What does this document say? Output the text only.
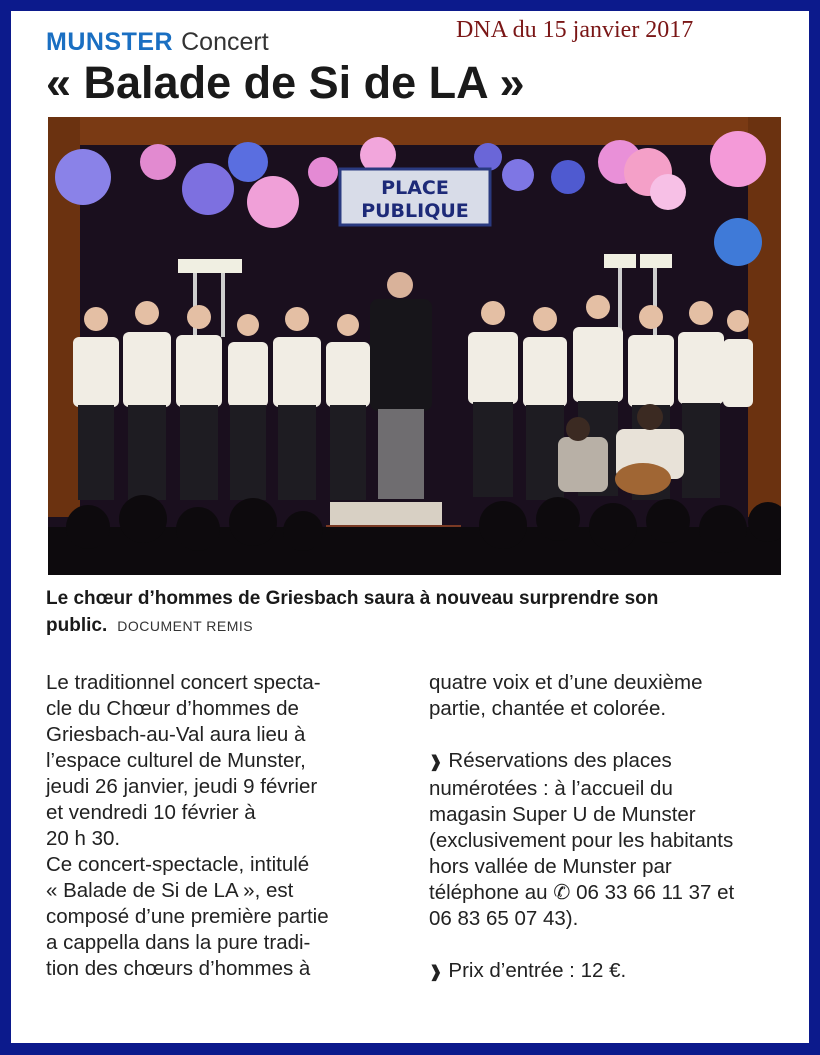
MUNSTER Concert	DNA du 15 janvier 2017
« Balade de Si de LA »
PLACE
PUBLIQUE
Le chœur d’hommes de Griesbach saura à nouveau surprendre son public. DOCUMENT REMIS

Le traditionnel concert specta-

cle du Chœur d’hommes de

Griesbach-au-Val aura lieu à

l’espace culturel de Munster,

jeudi 26 janvier, jeudi 9 février

et vendredi 10 février à

20 h 30.

Ce concert-spectacle, intitulé

« Balade de Si de LA », est

composé d’une première partie

a cappella dans la pure tradi-

tion des chœurs d’hommes à

quatre voix et d’une deuxième

partie, chantée et colorée.

❱ Réservations des places

numérotées : à l’accueil du

magasin Super U de Munster

(exclusivement pour les habitants

hors vallée de Munster par

téléphone au ✆ 06 33 66 11 37 et

06 83 65 07 43).

❱ Prix d’entrée : 12 €.
